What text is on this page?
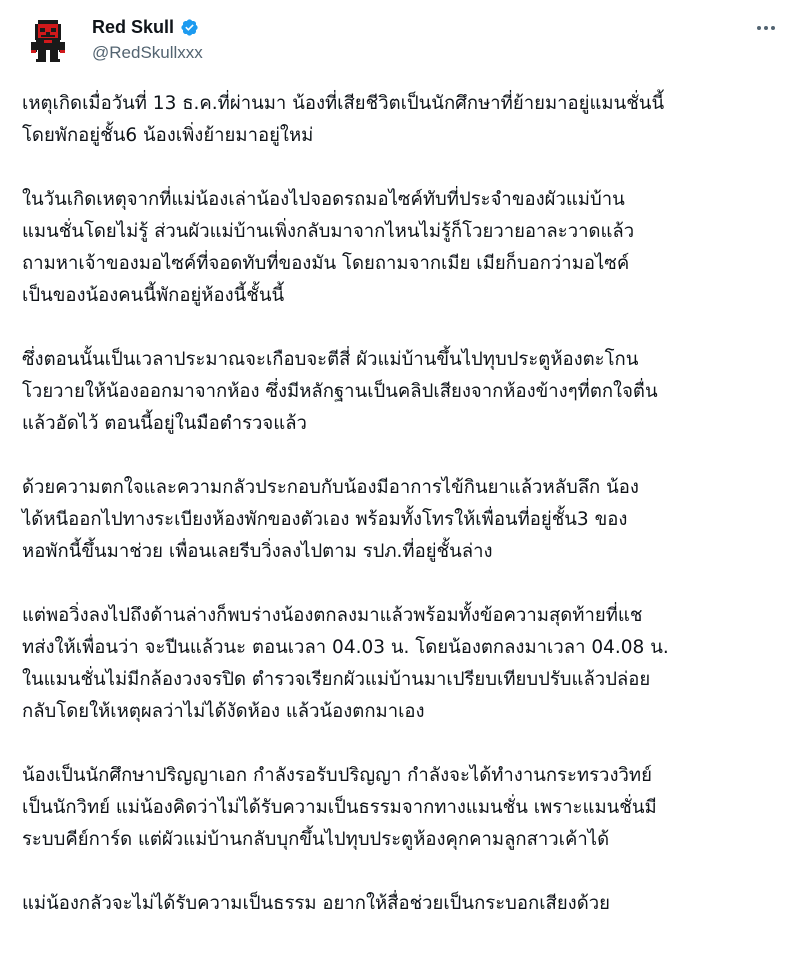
Red Skull
@RedSkullxxx

เหตุเกิดเมื่อวันที่ 13 ธ.ค.ที่ผ่านมา น้องที่เสียชีวิตเป็นนักศึกษาที่ย้ายมาอยู่แมนชั่นนี้
โดยพักอยู่ชั้น6 น้องเพิ่งย้ายมาอยู่ใหม่

ในวันเกิดเหตุจากที่แม่น้องเล่าน้องไปจอดรถมอไซค์ทับที่ประจำของผัวแม่บ้าน
แมนชั่นโดยไม่รู้ ส่วนผัวแม่บ้านเพิ่งกลับมาจากไหนไม่รู้ก็โวยวายอาละวาดแล้ว
ถามหาเจ้าของมอไซค์ที่จอดทับที่ของมัน โดยถามจากเมีย เมียก็บอกว่ามอไซค์
เป็นของน้องคนนี้พักอยู่ห้องนี้ชั้นนี้

ซึ่งตอนนั้นเป็นเวลาประมาณจะเกือบจะตีสี่ ผัวแม่บ้านขึ้นไปทุบประตูห้องตะโกน
โวยวายให้น้องออกมาจากห้อง ซึ่งมีหลักฐานเป็นคลิปเสียงจากห้องข้างๆที่ตกใจตื่น
แล้วอัดไว้ ตอนนี้อยู่ในมือตำรวจแล้ว

ด้วยความตกใจและความกลัวประกอบกับน้องมีอาการไข้กินยาแล้วหลับลึก น้อง
ได้หนีออกไปทางระเบียงห้องพักของตัวเอง พร้อมทั้งโทรให้เพื่อนที่อยู่ชั้น3 ของ
หอพักนี้ขึ้นมาช่วย เพื่อนเลยรีบวิ่งลงไปตาม รปภ.ที่อยู่ชั้นล่าง

แต่พอวิ่งลงไปถึงด้านล่างก็พบร่างน้องตกลงมาแล้วพร้อมทั้งข้อความสุดท้ายที่แช
ทส่งให้เพื่อนว่า จะปีนแล้วนะ ตอนเวลา 04.03 น. โดยน้องตกลงมาเวลา 04.08 น.
ในแมนชั่นไม่มีกล้องวงจรปิด ตำรวจเรียกผัวแม่บ้านมาเปรียบเทียบปรับแล้วปล่อย
กลับโดยให้เหตุผลว่าไม่ได้งัดห้อง แล้วน้องตกมาเอง

น้องเป็นนักศึกษาปริญญาเอก กำลังรอรับปริญญา กำลังจะได้ทำงานกระทรวงวิทย์
เป็นนักวิทย์ แม่น้องคิดว่าไม่ได้รับความเป็นธรรมจากทางแมนชั่น เพราะแมนชั่นมี
ระบบคีย์การ์ด แต่ผัวแม่บ้านกลับบุกขึ้นไปทุบประตูห้องคุกคามลูกสาวเค้าได้

แม่น้องกลัวจะไม่ได้รับความเป็นธรรม อยากให้สื่อช่วยเป็นกระบอกเสียงด้วย
